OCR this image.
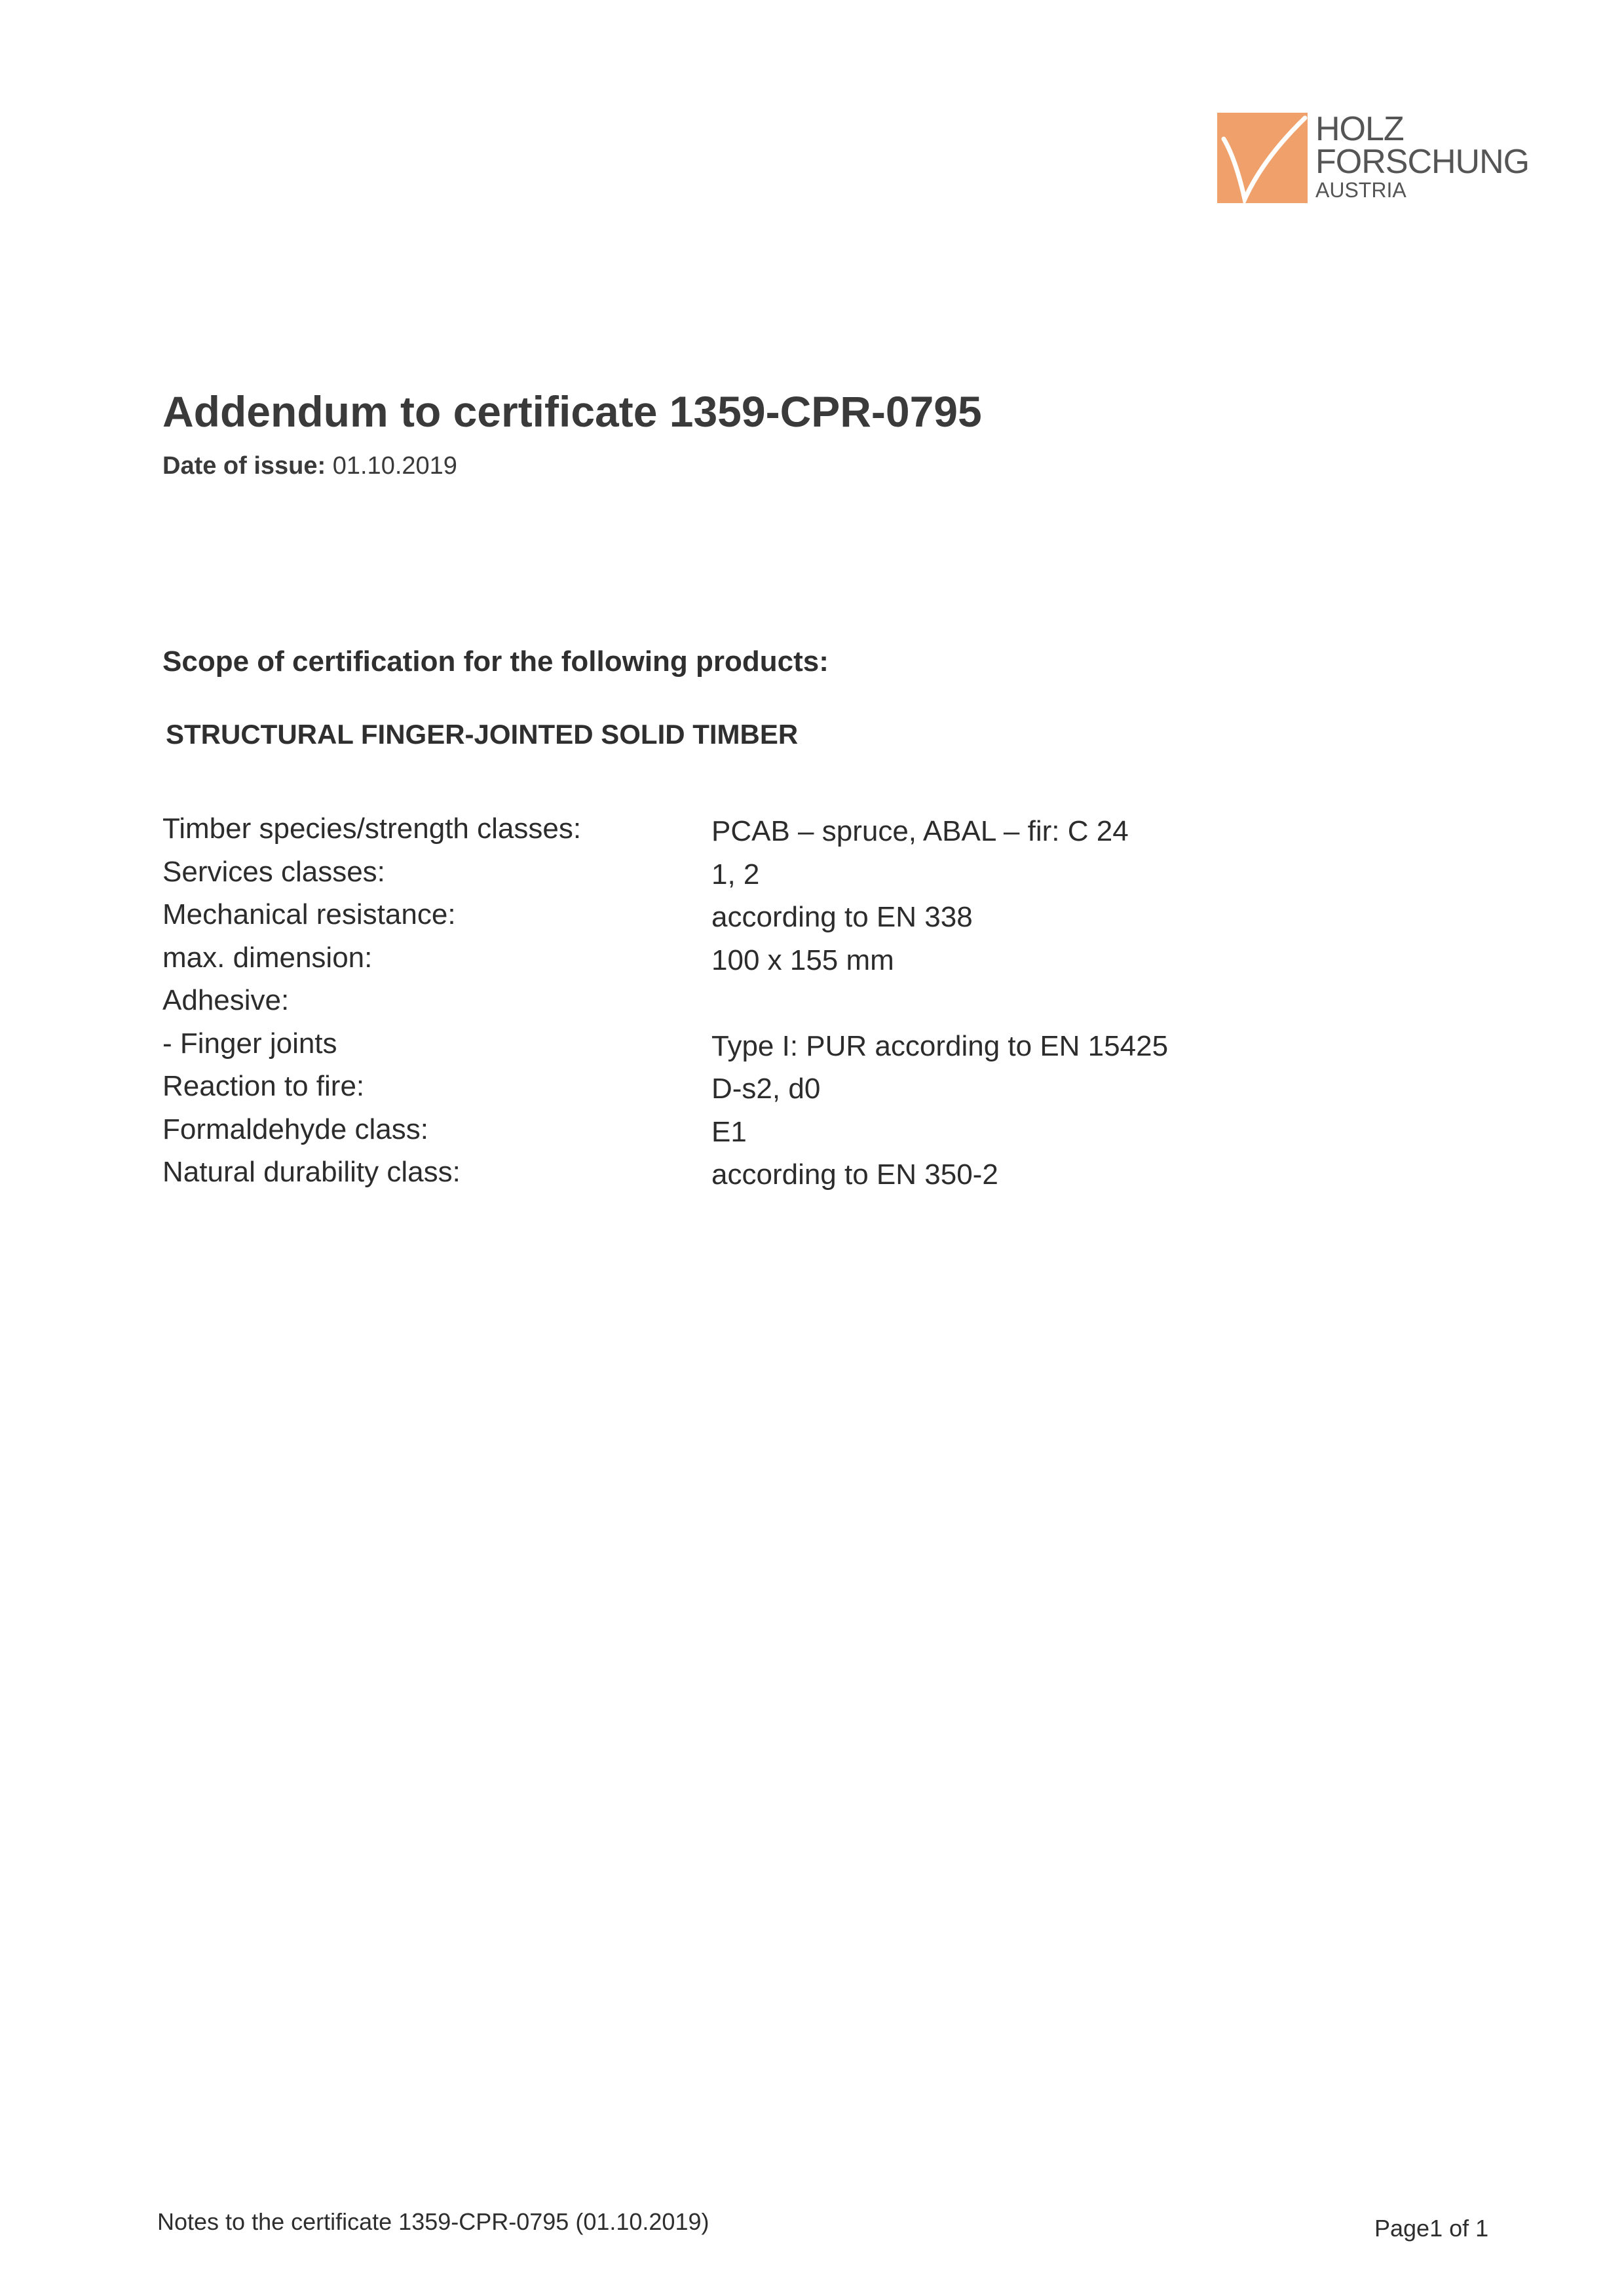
HOLZ
FORSCHUNG
AUSTRIA
Addendum to certificate 1359-CPR-0795
Date of issue: 01.10.2019
Scope of certification for the following products:
STRUCTURAL FINGER-JOINTED SOLID TIMBER
Timber species/strength classes:	PCAB – spruce, ABAL – fir: C 24
Services classes:	1, 2
Mechanical resistance:	according to EN 338
max. dimension:	100 x 155 mm
Adhesive:
- Finger joints	Type I: PUR according to EN 15425
Reaction to fire:	D-s2, d0
Formaldehyde class:	E1
Natural durability class:	according to EN 350-2
Notes to the certificate 1359-CPR-0795 (01.10.2019)	Page1 of 1
